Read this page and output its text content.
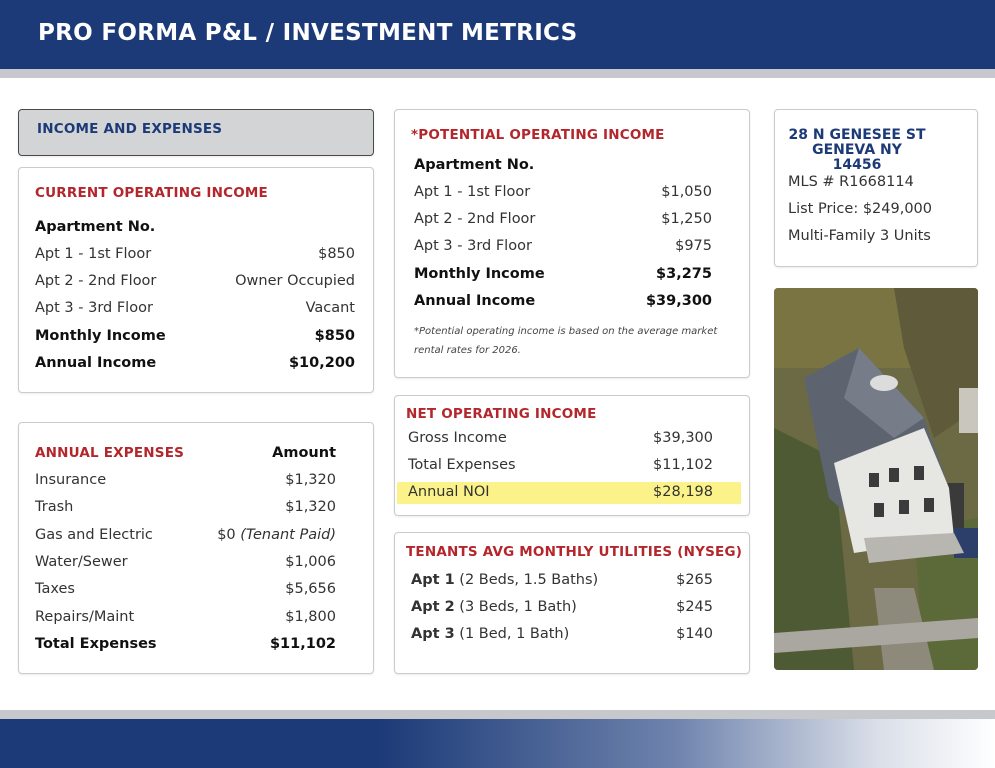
PRO FORMA P&L / INVESTMENT METRICS
INCOME AND EXPENSES
CURRENT OPERATING INCOME
Apartment No.
Apt 1 - 1st Floor	$850
Apt 2 - 2nd Floor	Owner Occupied
Apt 3 - 3rd Floor	Vacant
Monthly Income	$850
Annual Income	$10,200
ANNUAL EXPENSES	Amount
Insurance	$1,320
Trash	$1,320
Gas and Electric	$0 (Tenant Paid)
Water/Sewer	$1,006
Taxes	$5,656
Repairs/Maint	$1,800
Total Expenses	$11,102
*POTENTIAL OPERATING INCOME
Apartment No.
Apt 1 - 1st Floor	$1,050
Apt 2 - 2nd Floor	$1,250
Apt 3 - 3rd Floor	$975
Monthly Income	$3,275
Annual Income	$39,300
*Potential operating income is based on the average market
rental rates for 2026.
NET OPERATING INCOME
Gross Income	$39,300
Total Expenses	$11,102
Annual NOI	$28,198
TENANTS AVG MONTHLY UTILITIES (NYSEG)
Apt 1 (2 Beds, 1.5 Baths)	$265
Apt 2 (3 Beds, 1 Bath)	$245
Apt 3 (1 Bed, 1 Bath)	$140
28 N GENESEE ST
GENEVA NY 14456
MLS # R1668114
List Price: $249,000
Multi-Family 3 Units
